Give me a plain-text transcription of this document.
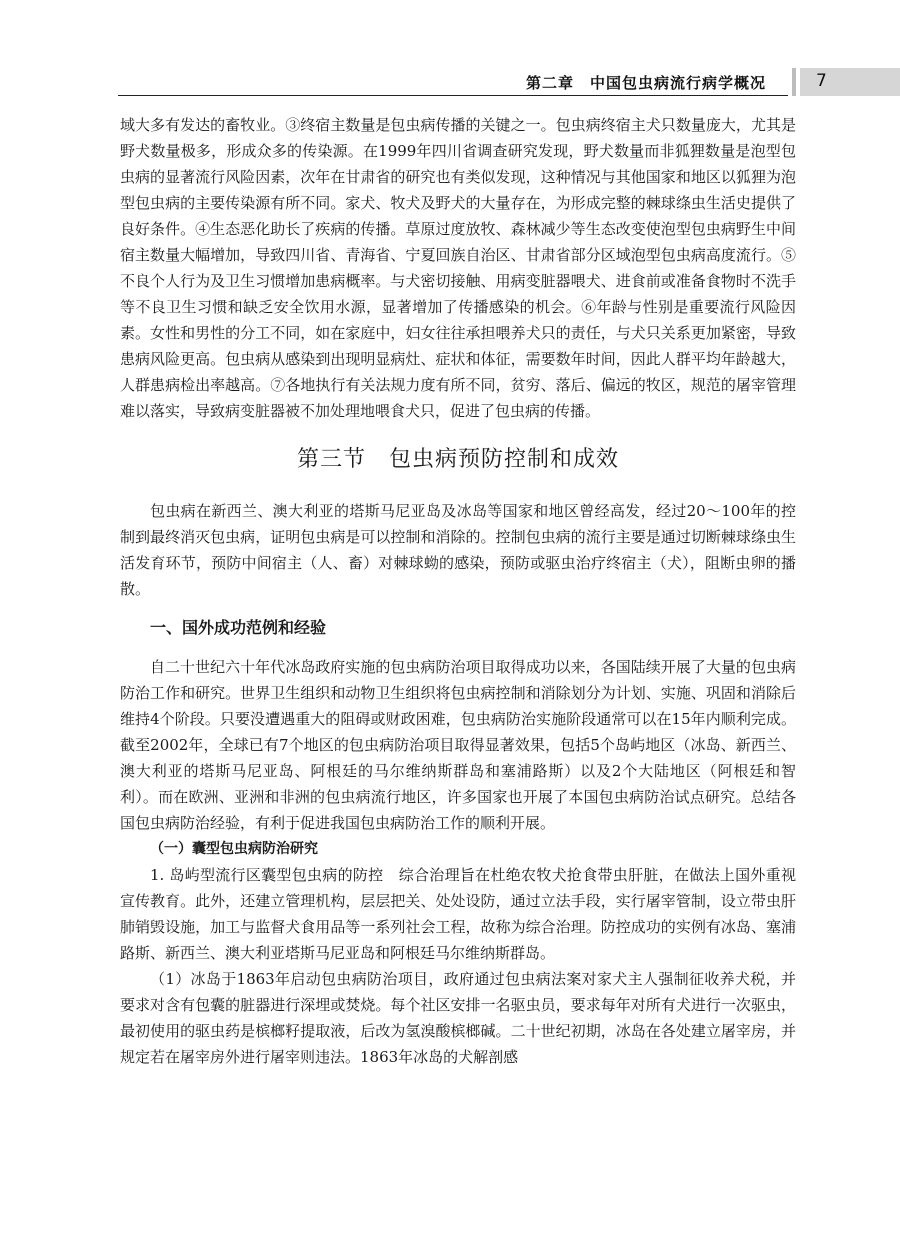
第二章　中国包虫病流行病学概况	7

域大多有发达的畜牧业。③终宿主数量是包虫病传播的关键之一。包虫病终宿主犬只数量庞大，尤其是野犬数量极多，形成众多的传染源。在1999年四川省调查研究发现，野犬数量而非狐狸数量是泡型包虫病的显著流行风险因素，次年在甘肃省的研究也有类似发现，这种情况与其他国家和地区以狐狸为泡型包虫病的主要传染源有所不同。家犬、牧犬及野犬的大量存在，为形成完整的棘球绦虫生活史提供了良好条件。④生态恶化助长了疾病的传播。草原过度放牧、森林减少等生态改变使泡型包虫病野生中间宿主数量大幅增加，导致四川省、青海省、宁夏回族自治区、甘肃省部分区域泡型包虫病高度流行。⑤不良个人行为及卫生习惯增加患病概率。与犬密切接触、用病变脏器喂犬、进食前或准备食物时不洗手等不良卫生习惯和缺乏安全饮用水源，显著增加了传播感染的机会。⑥年龄与性别是重要流行风险因素。女性和男性的分工不同，如在家庭中，妇女往往承担喂养犬只的责任，与犬只关系更加紧密，导致患病风险更高。包虫病从感染到出现明显病灶、症状和体征，需要数年时间，因此人群平均年龄越大，人群患病检出率越高。⑦各地执行有关法规力度有所不同，贫穷、落后、偏远的牧区，规范的屠宰管理难以落实，导致病变脏器被不加处理地喂食犬只，促进了包虫病的传播。

第三节　包虫病预防控制和成效

包虫病在新西兰、澳大利亚的塔斯马尼亚岛及冰岛等国家和地区曾经高发，经过20～100年的控制到最终消灭包虫病，证明包虫病是可以控制和消除的。控制包虫病的流行主要是通过切断棘球绦虫生活发育环节，预防中间宿主（人、畜）对棘球蚴的感染，预防或驱虫治疗终宿主（犬），阻断虫卵的播散。

一、国外成功范例和经验

自二十世纪六十年代冰岛政府实施的包虫病防治项目取得成功以来，各国陆续开展了大量的包虫病防治工作和研究。世界卫生组织和动物卫生组织将包虫病控制和消除划分为计划、实施、巩固和消除后维持4个阶段。只要没遭遇重大的阻碍或财政困难，包虫病防治实施阶段通常可以在15年内顺利完成。截至2002年，全球已有7个地区的包虫病防治项目取得显著效果，包括5个岛屿地区（冰岛、新西兰、澳大利亚的塔斯马尼亚岛、阿根廷的马尔维纳斯群岛和塞浦路斯）以及2个大陆地区（阿根廷和智利）。而在欧洲、亚洲和非洲的包虫病流行地区，许多国家也开展了本国包虫病防治试点研究。总结各国包虫病防治经验，有利于促进我国包虫病防治工作的顺利开展。

（一）囊型包虫病防治研究

1. 岛屿型流行区囊型包虫病的防控　综合治理旨在杜绝农牧犬抢食带虫肝脏，在做法上国外重视宣传教育。此外，还建立管理机构，层层把关、处处设防，通过立法手段，实行屠宰管制，设立带虫肝肺销毁设施，加工与监督犬食用品等一系列社会工程，故称为综合治理。防控成功的实例有冰岛、塞浦路斯、新西兰、澳大利亚塔斯马尼亚岛和阿根廷马尔维纳斯群岛。

（1）冰岛于1863年启动包虫病防治项目，政府通过包虫病法案对家犬主人强制征收养犬税，并要求对含有包囊的脏器进行深埋或焚烧。每个社区安排一名驱虫员，要求每年对所有犬进行一次驱虫，最初使用的驱虫药是槟榔籽提取液，后改为氢溴酸槟榔碱。二十世纪初期，冰岛在各处建立屠宰房，并规定若在屠宰房外进行屠宰则违法。1863年冰岛的犬解剖感
